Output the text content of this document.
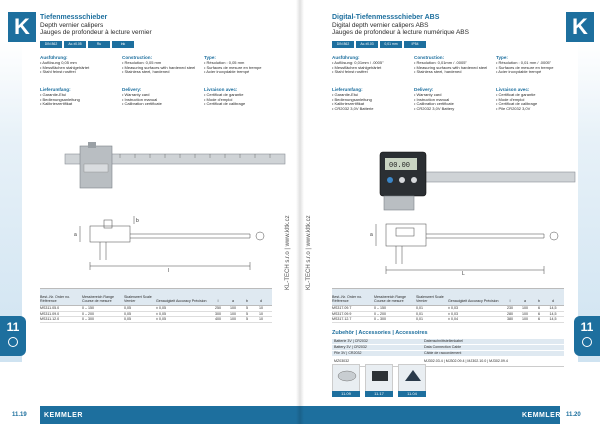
K	Tiefenmessschieber
Depth vernier calipers
Jauges de profondeur à lecture vernier
DIN 862	Ac.±0.05	Ru	Ink
Ausführung:
• Auflösung 0,05 mm
• Messflächen stahlgehärtet
• Stahl feinst rostfrei
Construction:
• Resolution: 0,05 mm
• Measuring surfaces with hardened steel
• Stainless steel, hardened
Type:
• Résolution : 0,05 mm
• Surfaces de mesure en trempe
• Acier inoxydable trempé
Lieferumfang:
• Garantie-Etui
• Bedienungsanleitung
• Kalibrierzertifikat
Delivery:
• Warranty card
• Instruction manual
• Calibration certificate
Livraison avec:
• Certificat de garantie
• Mode d'emploi
• Certificat de calibrage
l
a
b
Best.-Nr. Order no. Référence
Messbereich Range Course de mesure
Skalenwert Scale Vernier	Genauigkeit Accuracy Précision	l	a	b	d
MS311.05.0	0 – 150	0,05	± 0,05	250	100	5	10
MS311.09.0	0 – 200	0,05	± 0,05	300	100	5	10
MS311.12.0	0 – 300	0,05	± 0,05	400	100	5	10
11
KL-TECH s.r.o | www.kltk.cz
11.19 KEMMLER
K
Digital-Tiefenmessschieber ABS
Digital depth vernier calipers ABS
Jauges de profondeur à lecture numérique ABS
DIN 862	Ac.±0.03	0,01 mm	IP54
Ausführung:
• Auflösung: 0,01mm / .0005"
• Messflächen stahlgehärtet
• Stahl feinst rostfrei
Construction:
• Resolution: 0,01mm / .0005"
• Measuring surfaces with hardened steel
• Stainless steel, hardened
Type:
• Résolution : 0,01 mm / .0005"
• Surfaces de mesure en trempe
• Acier inoxydable trempé
Lieferumfang:
• Garantie-Etui
• Bedienungsanleitung
• Kalibrierzertifikat
• CR2032 3,0V Batterie
Delivery:
• Warranty card
• Instruction manual
• Calibration certificate
• CR2032 3,0V Battery
Livraison avec:
• Certificat de garantie
• Mode d'emploi
• Certificat de calibrage
• Pile CR2032 3,0V
00.00
L
a
Best.-Nr. Order no. Référence
Messbereich Range Course de mesure
Skalenwert Scale Vernier	Genauigkeit Accuracy Précision	l	a	b	d
MS317.09.7	0 – 150	0,01	± 0,03	230	100	6	14,5
MS317.09.9	0 – 200	0,01	± 0,03	280	100	6	14,5
MS317.12.7	0 – 300	0,01	± 0,04	380	100	6	14,5
Zubehör | Accessories | Accessoires
Batterie 3V | CR2032	Datenschnittstellenkabel
Battery 3V | CR2032	Data Connection Cable
Pile 3V | CR2032	Câble de raccordement
MZ03032	MJ302.03.4 | MJ302.09.4 | MJ302.10.0 | MJ302.09.4
11.09	11.17	11.04
11
KL-TECH s.r.o | www.kltk.cz
KEMMLER 11.20
